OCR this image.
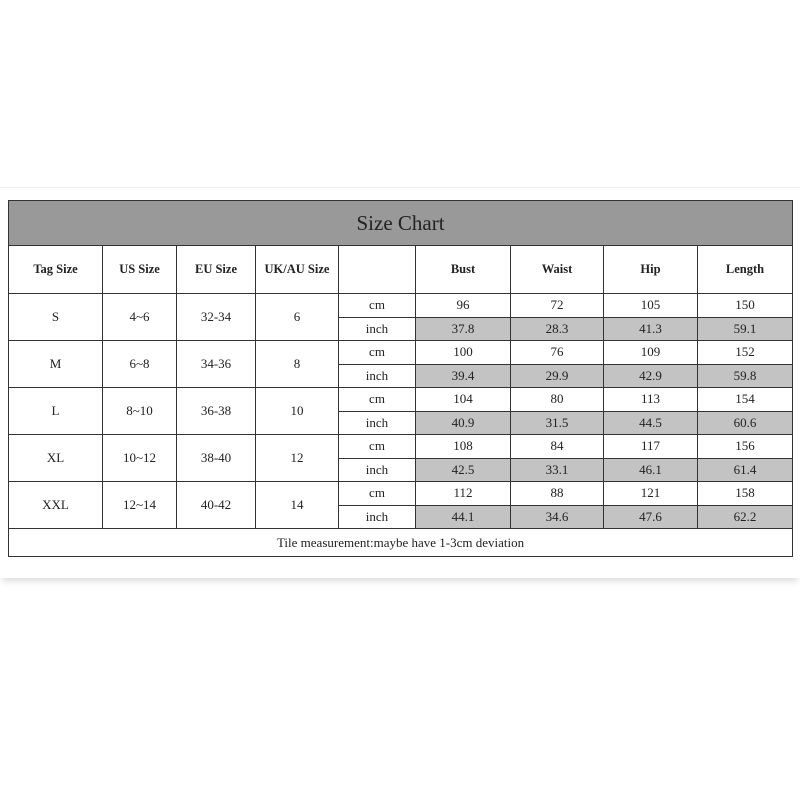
Size Chart								
Tag Size	US Size	EU Size	UK/AU Size		Bust	Waist	Hip	Length
S	4~6	32-34	6	cm	96	72	105	150
				inch	37.8	28.3	41.3	59.1
M	6~8	34-36	8	cm	100	76	109	152
				inch	39.4	29.9	42.9	59.8
L	8~10	36-38	10	cm	104	80	113	154
				inch	40.9	31.5	44.5	60.6
XL	10~12	38-40	12	cm	108	84	117	156
				inch	42.5	33.1	46.1	61.4
XXL	12~14	40-42	14	cm	112	88	121	158
				inch	44.1	34.6	47.6	62.2
Tile measurement:maybe have 1-3cm deviation								
